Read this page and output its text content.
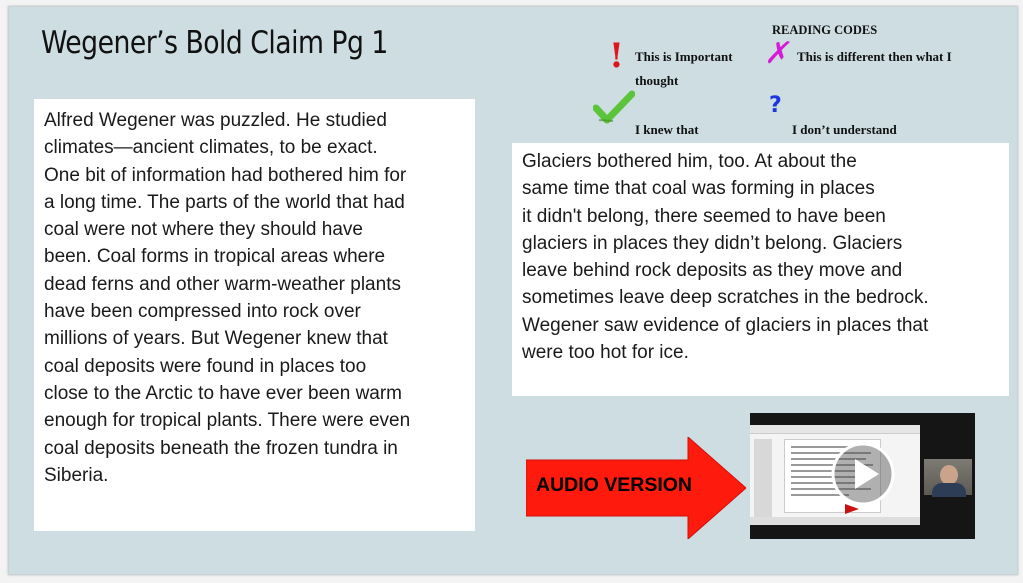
Wegener’s Bold Claim Pg 1
Alfred Wegener was puzzled. He studied
climates—ancient climates, to be exact.
One bit of information had bothered him for
a long time. The parts of the world that had
coal were not where they should have
been. Coal forms in tropical areas where
dead ferns and other warm-weather plants
have been compressed into rock over
millions of years. But Wegener knew that
coal deposits were found in places too
close to the Arctic to have ever been warm
enough for tropical plants. There were even
coal deposits beneath the frozen tundra in
Siberia.
Glaciers bothered him, too. At about the
same time that coal was forming in places
it didn't belong, there seemed to have been
glaciers in places they didn’t belong. Glaciers
leave behind rock deposits as they move and
sometimes leave deep scratches in the bedrock.
Wegener saw evidence of glaciers in places that
were too hot for ice.
READING CODES
! This is Important
thought
✗ This is different then what I
I knew that
?
I don’t understand
AUDIO VERSION
